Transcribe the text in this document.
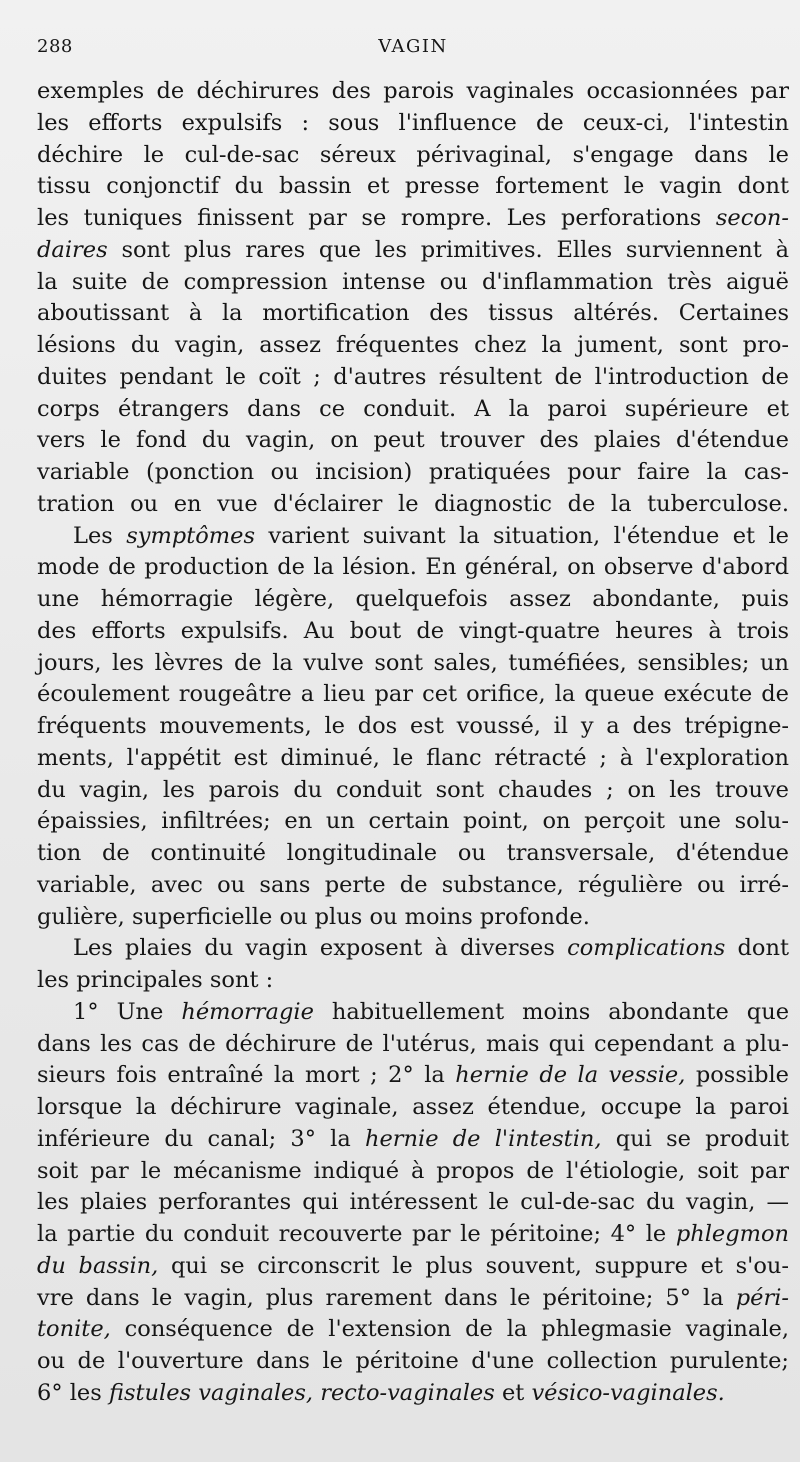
288	VAGIN
exemples de déchirures des parois vaginales occasionnées par
les efforts expulsifs : sous l'influence de ceux-ci, l'intestin
déchire le cul-de-sac séreux périvaginal, s'engage dans le
tissu conjonctif du bassin et presse fortement le vagin dont
les tuniques finissent par se rompre. Les perforations secon-
daires sont plus rares que les primitives. Elles surviennent à
la suite de compression intense ou d'inflammation très aiguë
aboutissant à la mortification des tissus altérés. Certaines
lésions du vagin, assez fréquentes chez la jument, sont pro-
duites pendant le coït ; d'autres résultent de l'introduction de
corps étrangers dans ce conduit. A la paroi supérieure et
vers le fond du vagin, on peut trouver des plaies d'étendue
variable (ponction ou incision) pratiquées pour faire la cas-
tration ou en vue d'éclairer le diagnostic de la tuberculose.
Les symptômes varient suivant la situation, l'étendue et le
mode de production de la lésion. En général, on observe d'abord
une hémorragie légère, quelquefois assez abondante, puis
des efforts expulsifs. Au bout de vingt-quatre heures à trois
jours, les lèvres de la vulve sont sales, tuméfiées, sensibles; un
écoulement rougeâtre a lieu par cet orifice, la queue exécute de
fréquents mouvements, le dos est voussé, il y a des trépigne-
ments, l'appétit est diminué, le flanc rétracté ; à l'exploration
du vagin, les parois du conduit sont chaudes ; on les trouve
épaissies, infiltrées; en un certain point, on perçoit une solu-
tion de continuité longitudinale ou transversale, d'étendue
variable, avec ou sans perte de substance, régulière ou irré-
gulière, superficielle ou plus ou moins profonde.
Les plaies du vagin exposent à diverses complications dont
les principales sont :
1° Une hémorragie habituellement moins abondante que
dans les cas de déchirure de l'utérus, mais qui cependant a plu-
sieurs fois entraîné la mort ; 2° la hernie de la vessie, possible
lorsque la déchirure vaginale, assez étendue, occupe la paroi
inférieure du canal; 3° la hernie de l'intestin, qui se produit
soit par le mécanisme indiqué à propos de l'étiologie, soit par
les plaies perforantes qui intéressent le cul-de-sac du vagin, —
la partie du conduit recouverte par le péritoine; 4° le phlegmon
du bassin, qui se circonscrit le plus souvent, suppure et s'ou-
vre dans le vagin, plus rarement dans le péritoine; 5° la péri-
tonite, conséquence de l'extension de la phlegmasie vaginale,
ou de l'ouverture dans le péritoine d'une collection purulente;
6° les fistules vaginales, recto-vaginales et vésico-vaginales.
